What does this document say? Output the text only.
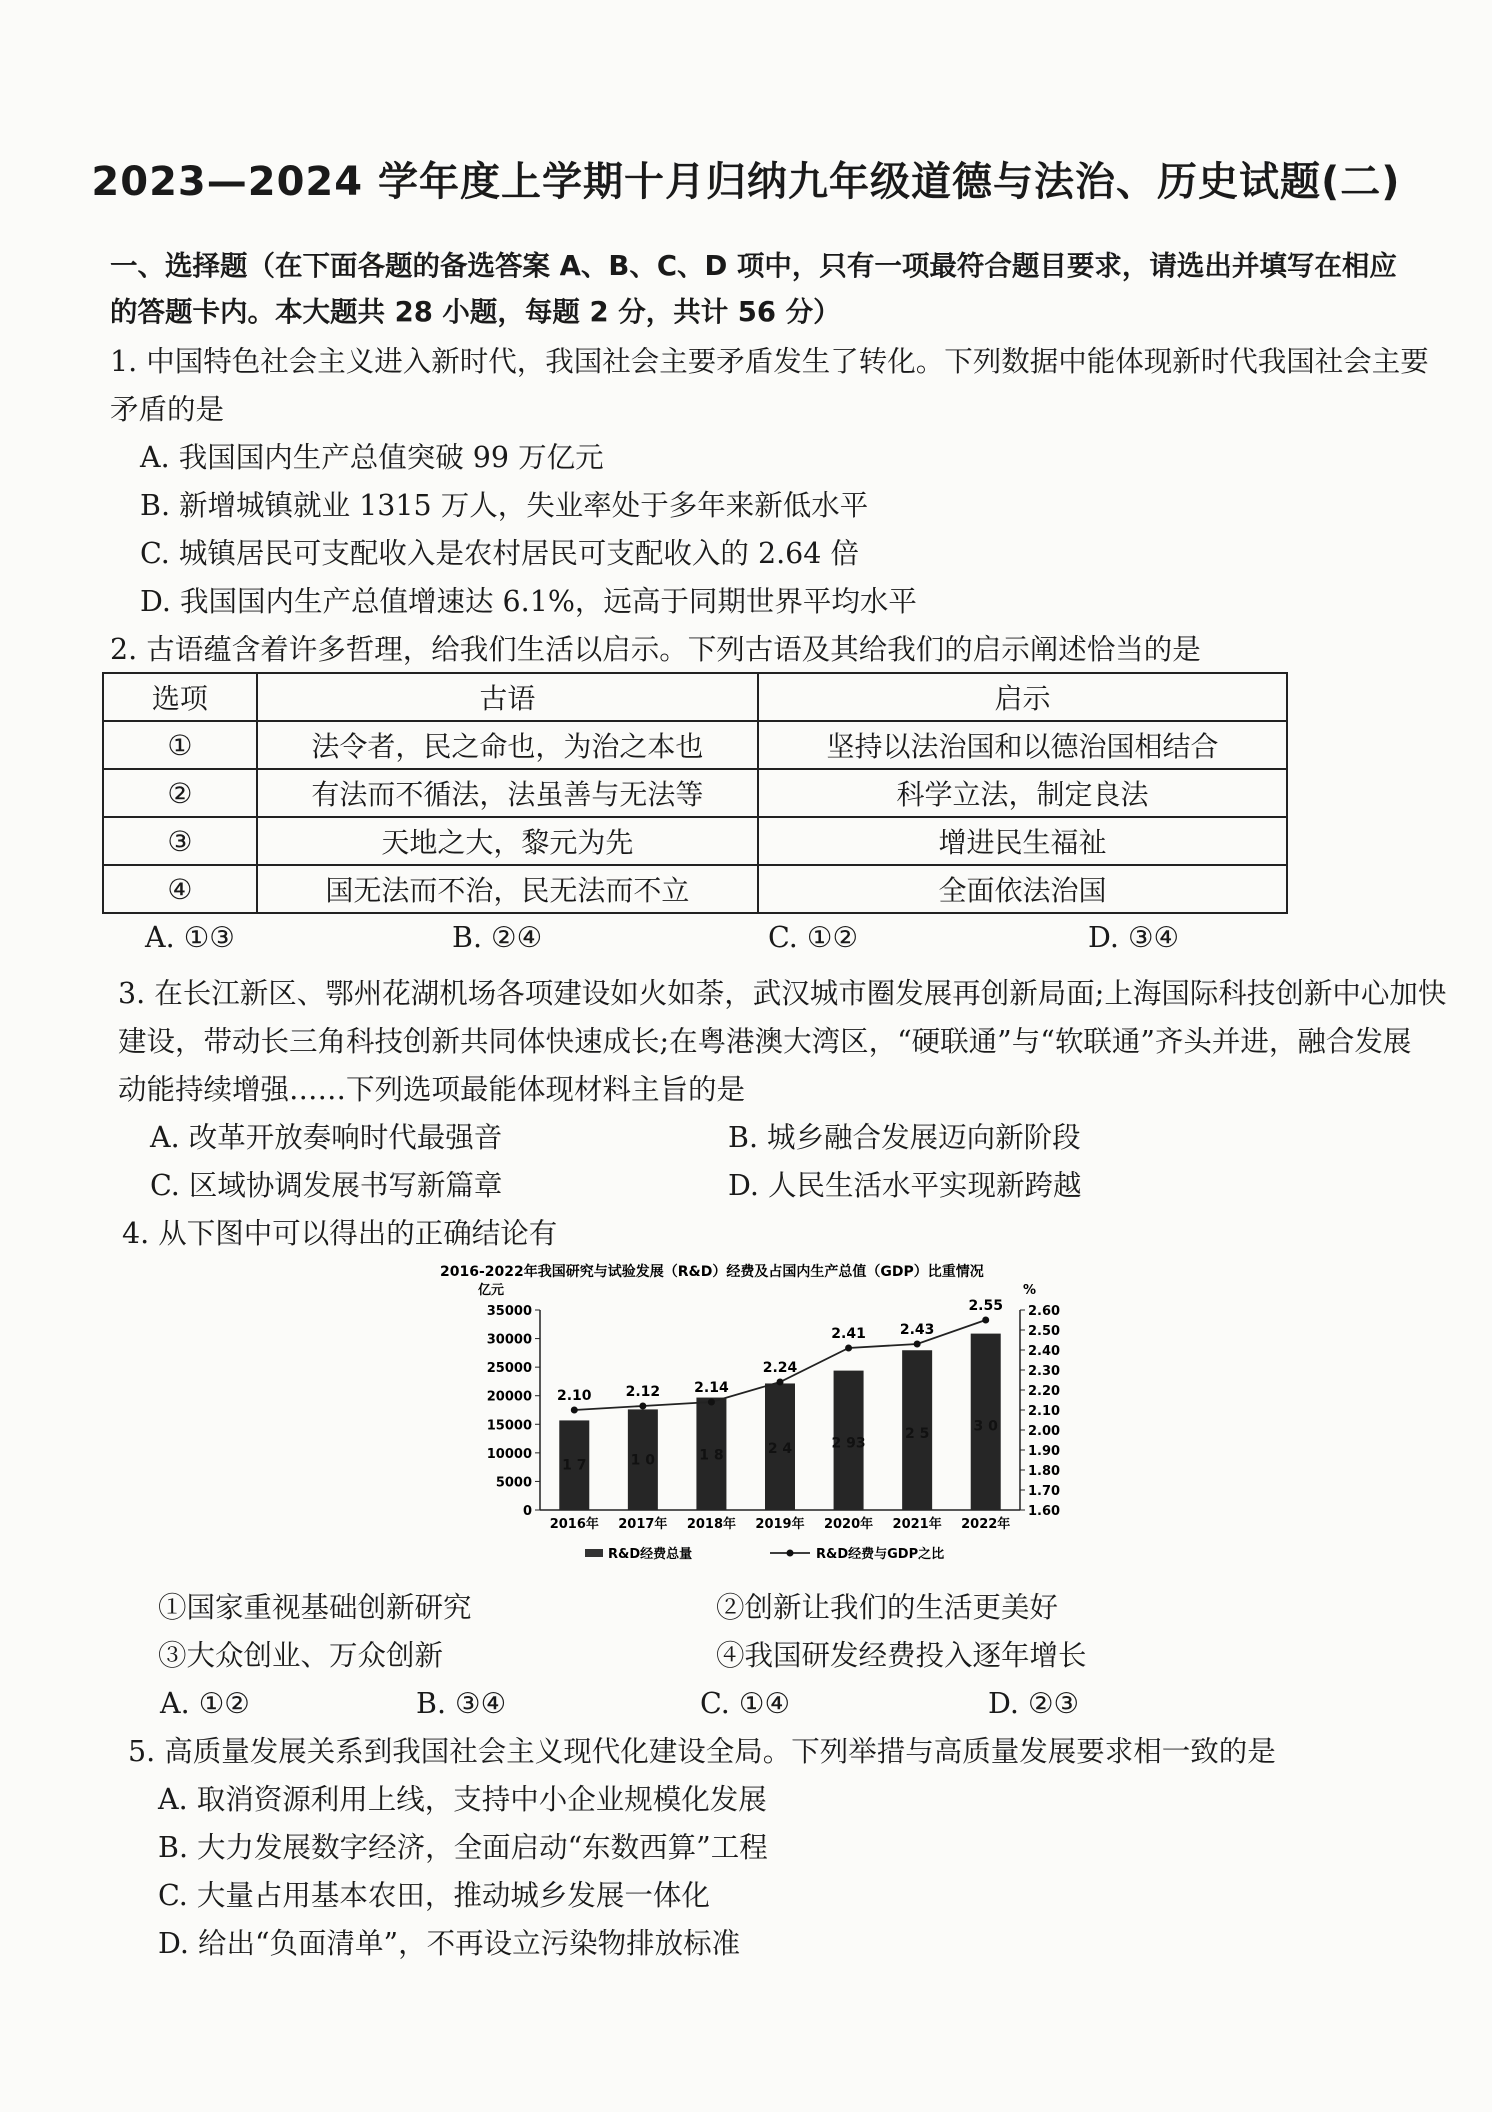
2023—2024 学年度上学期十月归纳九年级道德与法治、历史试题(二)
一、选择题（在下面各题的备选答案 A、B、C、D 项中，只有一项最符合题目要求，请选出并填写在相应
的答题卡内。本大题共 28 小题，每题 2 分，共计 56 分）
1. 中国特色社会主义进入新时代，我国社会主要矛盾发生了转化。下列数据中能体现新时代我国社会主要
矛盾的是
A. 我国国内生产总值突破 99 万亿元
B. 新增城镇就业 1315 万人，失业率处于多年来新低水平
C. 城镇居民可支配收入是农村居民可支配收入的 2.64 倍
D. 我国国内生产总值增速达 6.1%，远高于同期世界平均水平
2. 古语蕴含着许多哲理，给我们生活以启示。下列古语及其给我们的启示阐述恰当的是
选项	古语	启示
①	法令者，民之命也，为治之本也	坚持以法治国和以德治国相结合
②	有法而不循法，法虽善与无法等	科学立法，制定良法
③	天地之大，黎元为先	增进民生福祉
④	国无法而不治，民无法而不立	全面依法治国
A. ①③	B. ②④	C. ①②	D. ③④
3. 在长江新区、鄂州花湖机场各项建设如火如荼，武汉城市圈发展再创新局面;上海国际科技创新中心加快
建设，带动长三角科技创新共同体快速成长;在粤港澳大湾区，“硬联通”与“软联通”齐头并进，融合发展
动能持续增强……下列选项最能体现材料主旨的是
A. 改革开放奏响时代最强音	B. 城乡融合发展迈向新阶段
C. 区域协调发展书写新篇章	D. 人民生活水平实现新跨越
4. 从下图中可以得出的正确结论有
2016-2022年我国研究与试验发展（R&D）经费及占国内生产总值（GDP）比重情况
亿元	%
35000
30000
25000
20000
15000
10000
5000
0
2.60
2.50
2.40
2.30
2.20
2.10
2.00
1.90
1.80
1.70
1.60
1 7
2016年
1 0
2017年
1 8
2018年
2 4
2019年
2 93
2020年
2 5
2021年
3 0
2022年
2.10 2.12 2.14
2.24
2.41 2.43
2.55
R&D经费总量	R&D经费与GDP之比
①国家重视基础创新研究	②创新让我们的生活更美好
③大众创业、万众创新	④我国研发经费投入逐年增长
A. ①②	B. ③④	C. ①④	D. ②③
5. 高质量发展关系到我国社会主义现代化建设全局。下列举措与高质量发展要求相一致的是
A. 取消资源利用上线，支持中小企业规模化发展
B. 大力发展数字经济，全面启动“东数西算”工程
C. 大量占用基本农田，推动城乡发展一体化
D. 给出“负面清单”，不再设立污染物排放标准
